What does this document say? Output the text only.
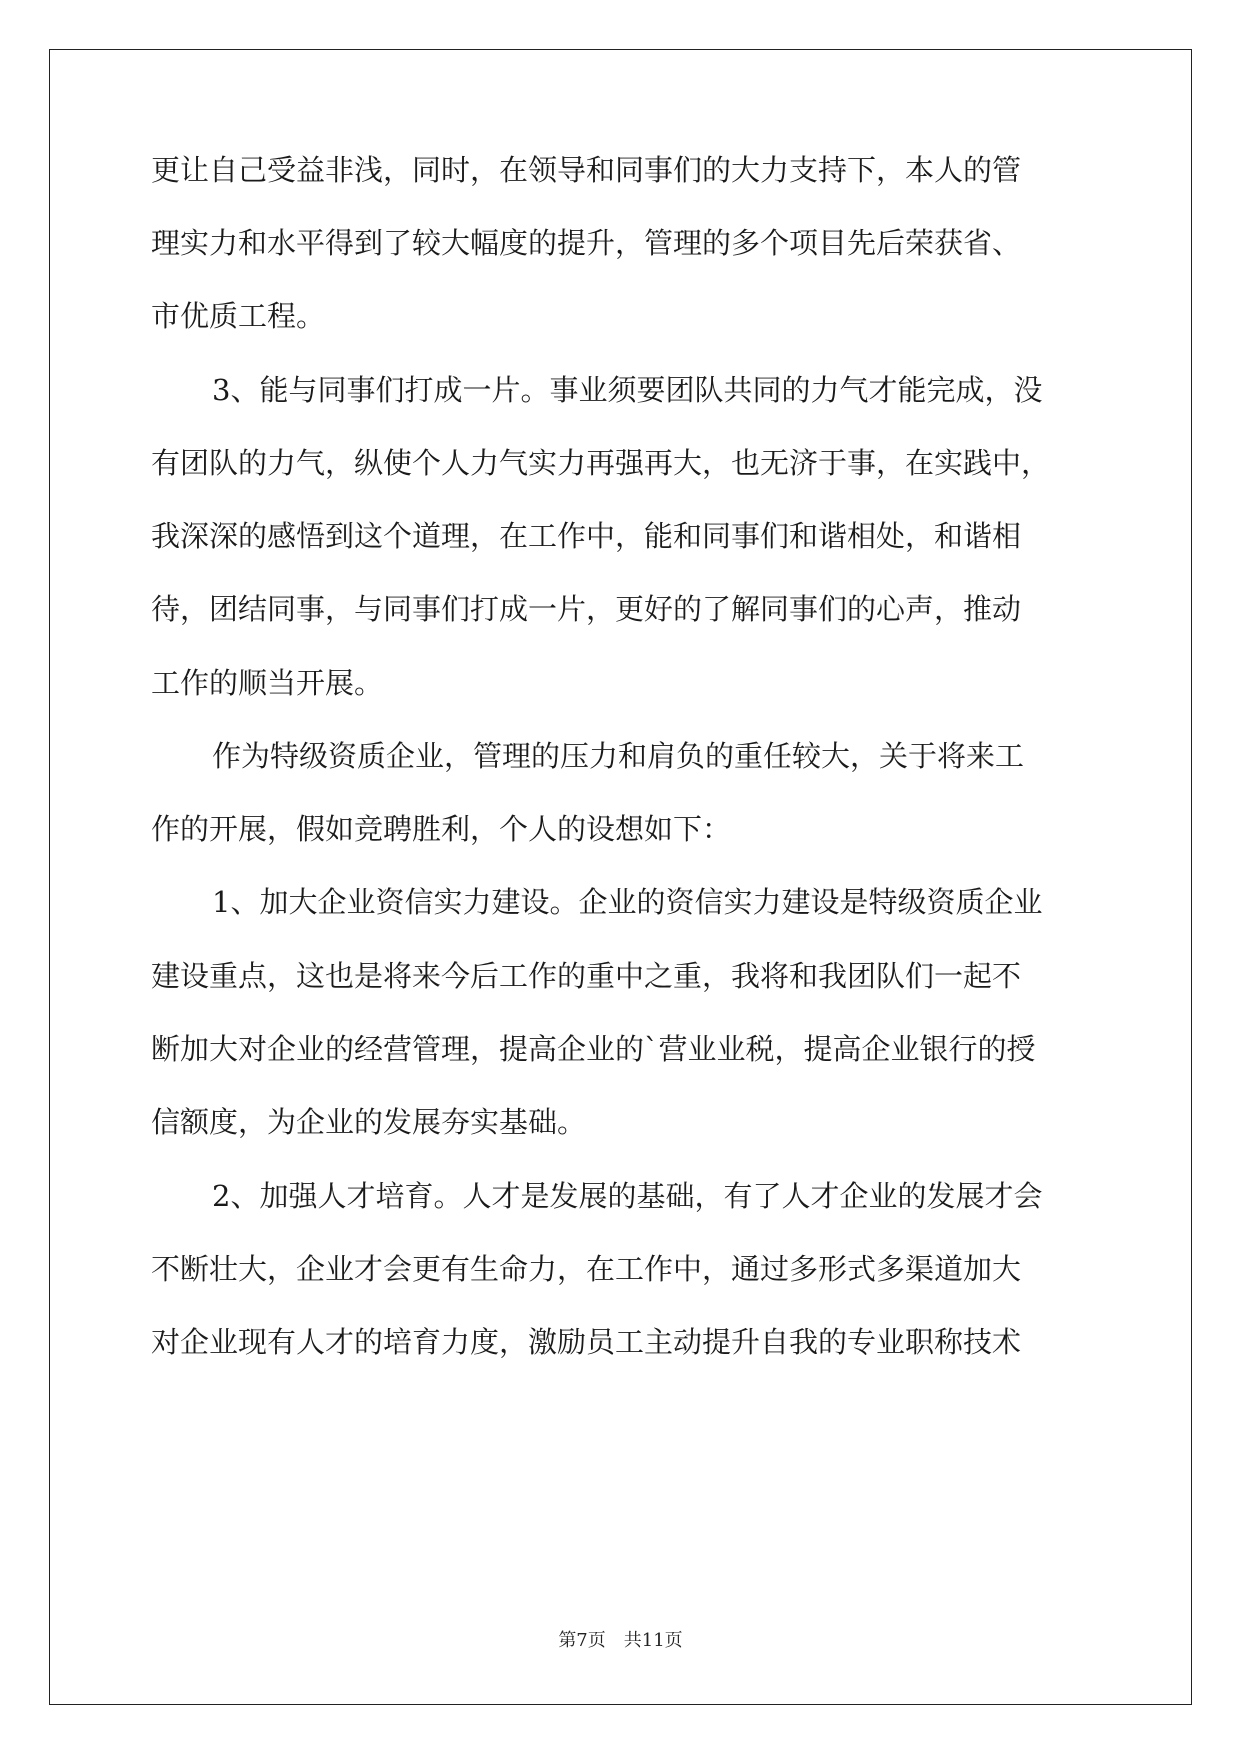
更让自己受益非浅，同时，在领导和同事们的大力支持下，本人的管
理实力和水平得到了较大幅度的提升，管理的多个项目先后荣获省、
市优质工程。
3、能与同事们打成一片。事业须要团队共同的力气才能完成，没
有团队的力气，纵使个人力气实力再强再大，也无济于事，在实践中，
我深深的感悟到这个道理，在工作中，能和同事们和谐相处，和谐相
待，团结同事，与同事们打成一片，更好的了解同事们的心声，推动
工作的顺当开展。
作为特级资质企业，管理的压力和肩负的重任较大，关于将来工
作的开展，假如竞聘胜利，个人的设想如下：
1、加大企业资信实力建设。企业的资信实力建设是特级资质企业
建设重点，这也是将来今后工作的重中之重，我将和我团队们一起不
断加大对企业的经营管理，提高企业的`营业业税，提高企业银行的授
信额度，为企业的发展夯实基础。
2、加强人才培育。人才是发展的基础，有了人才企业的发展才会
不断壮大，企业才会更有生命力，在工作中，通过多形式多渠道加大
对企业现有人才的培育力度，激励员工主动提升自我的专业职称技术
第7页　共11页
